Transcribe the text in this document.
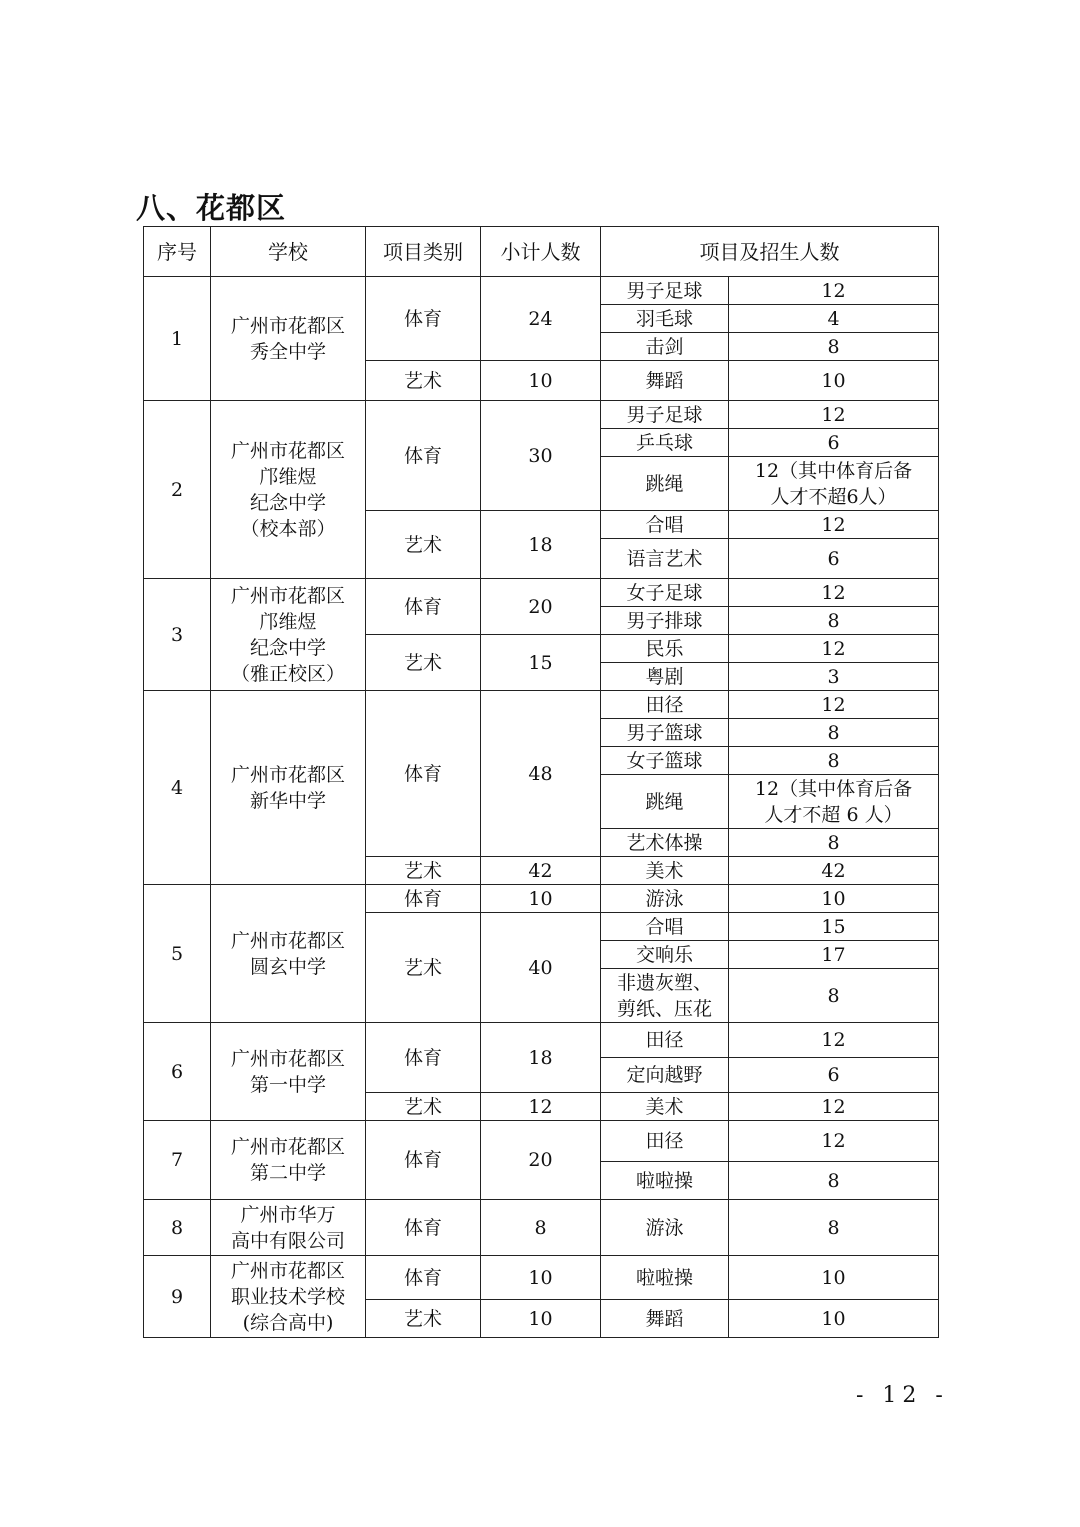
八、花都区
序号	学校	项目类别	小计人数	项目及招生人数	
1	广州市花都区
秀全中学	体育	24	男子足球	12
				羽毛球	4
				击剑	8
		艺术	10	舞蹈	10
2	广州市花都区
邝维煜
纪念中学
（校本部）	体育	30	男子足球	12
				乒乓球	6
				跳绳	12（其中体育后备
人才不超6人）
		艺术	18	合唱	12
				语言艺术	6
3	广州市花都区
邝维煜
纪念中学
（雅正校区）	体育	20	女子足球	12
				男子排球	8
		艺术	15	民乐	12
				粤剧	3
4	广州市花都区
新华中学	体育	48	田径	12
				男子篮球	8
				女子篮球	8
				跳绳	12（其中体育后备
人才不超 6 人）
				艺术体操	8
		艺术	42	美术	42
5	广州市花都区
圆玄中学	体育	10	游泳	10
		艺术	40	合唱	15
				交响乐	17
				非遗灰塑、
剪纸、压花	8
6	广州市花都区
第一中学	体育	18	田径	12
				定向越野	6
		艺术	12	美术	12
7	广州市花都区
第二中学	体育	20	田径	12
				啦啦操	8
8	广州市华万
高中有限公司	体育	8	游泳	8
9	广州市花都区
职业技术学校
(综合高中)	体育	10	啦啦操	10
		艺术	10	舞蹈	10
- 12 -
